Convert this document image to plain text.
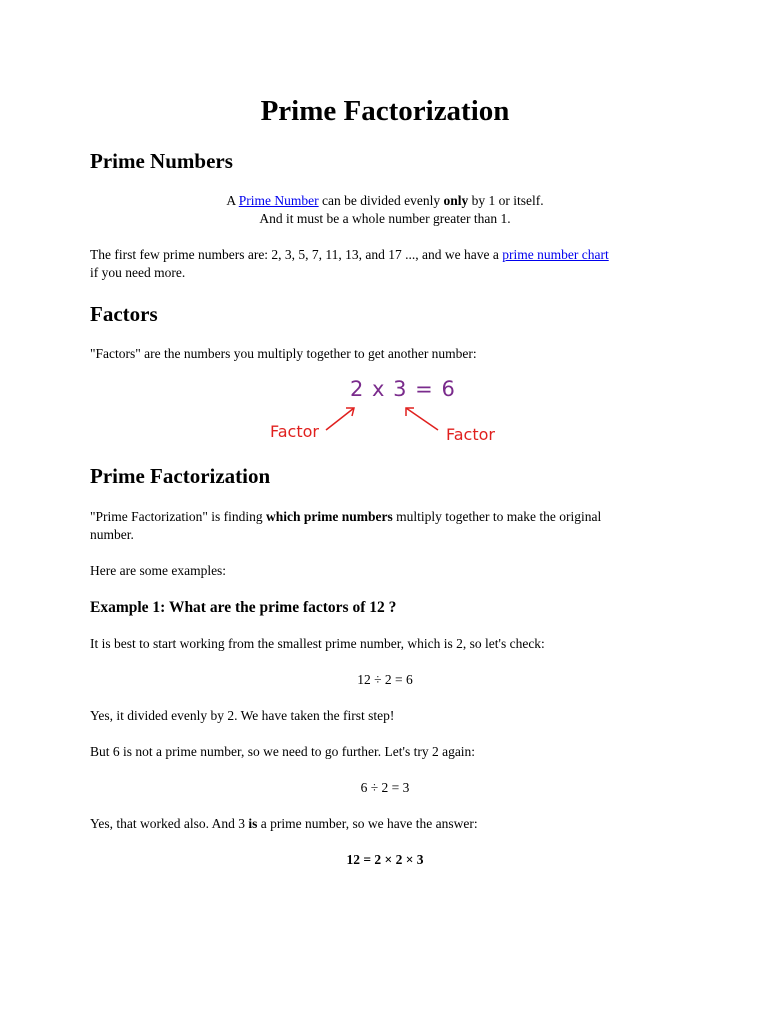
Prime Factorization
Prime Numbers

A Prime Number can be divided evenly only by 1 or itself.

And it must be a whole number greater than 1.

The first few prime numbers are: 2, 3, 5, 7, 11, 13, and 17 ..., and we have a prime number chart
if you need more.

Factors

"Factors" are the numbers you multiply together to get another number:

2 x 3 = 6
Factor	Factor
Prime Factorization

"Prime Factorization" is finding which prime numbers multiply together to make the original
number.

Here are some examples:

Example 1: What are the prime factors of 12 ?

It is best to start working from the smallest prime number, which is 2, so let's check:

12 ÷ 2 = 6

Yes, it divided evenly by 2. We have taken the first step!

But 6 is not a prime number, so we need to go further. Let's try 2 again:

6 ÷ 2 = 3

Yes, that worked also. And 3 is a prime number, so we have the answer:

12 = 2 × 2 × 3
